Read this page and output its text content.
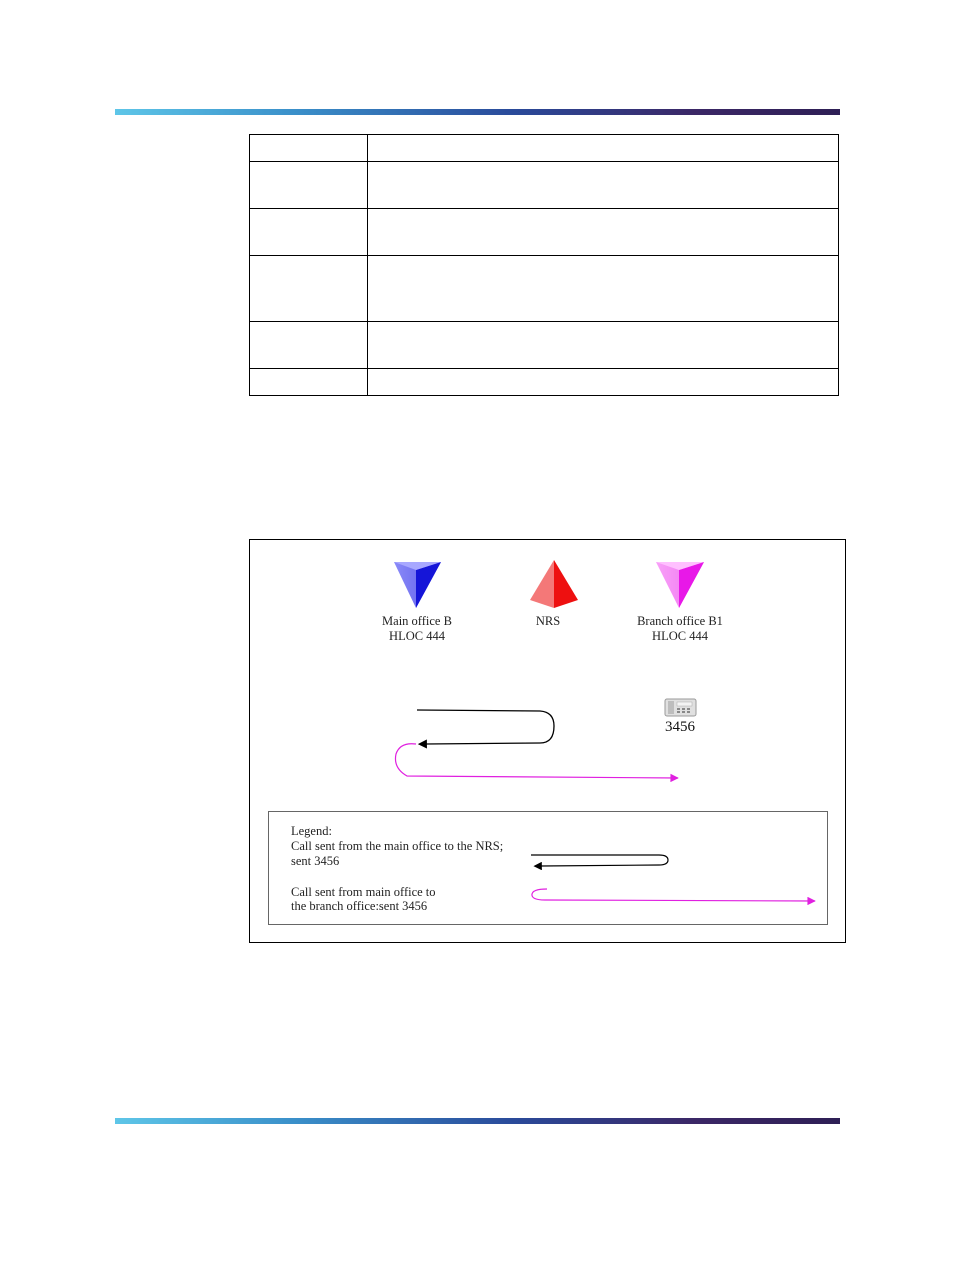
Main office B
HLOC 444
NRS	Branch office B1
HLOC 444
3456
Legend:
Call sent from the main office to the NRS;
sent 3456
Call sent from main office to
the branch office:sent 3456
